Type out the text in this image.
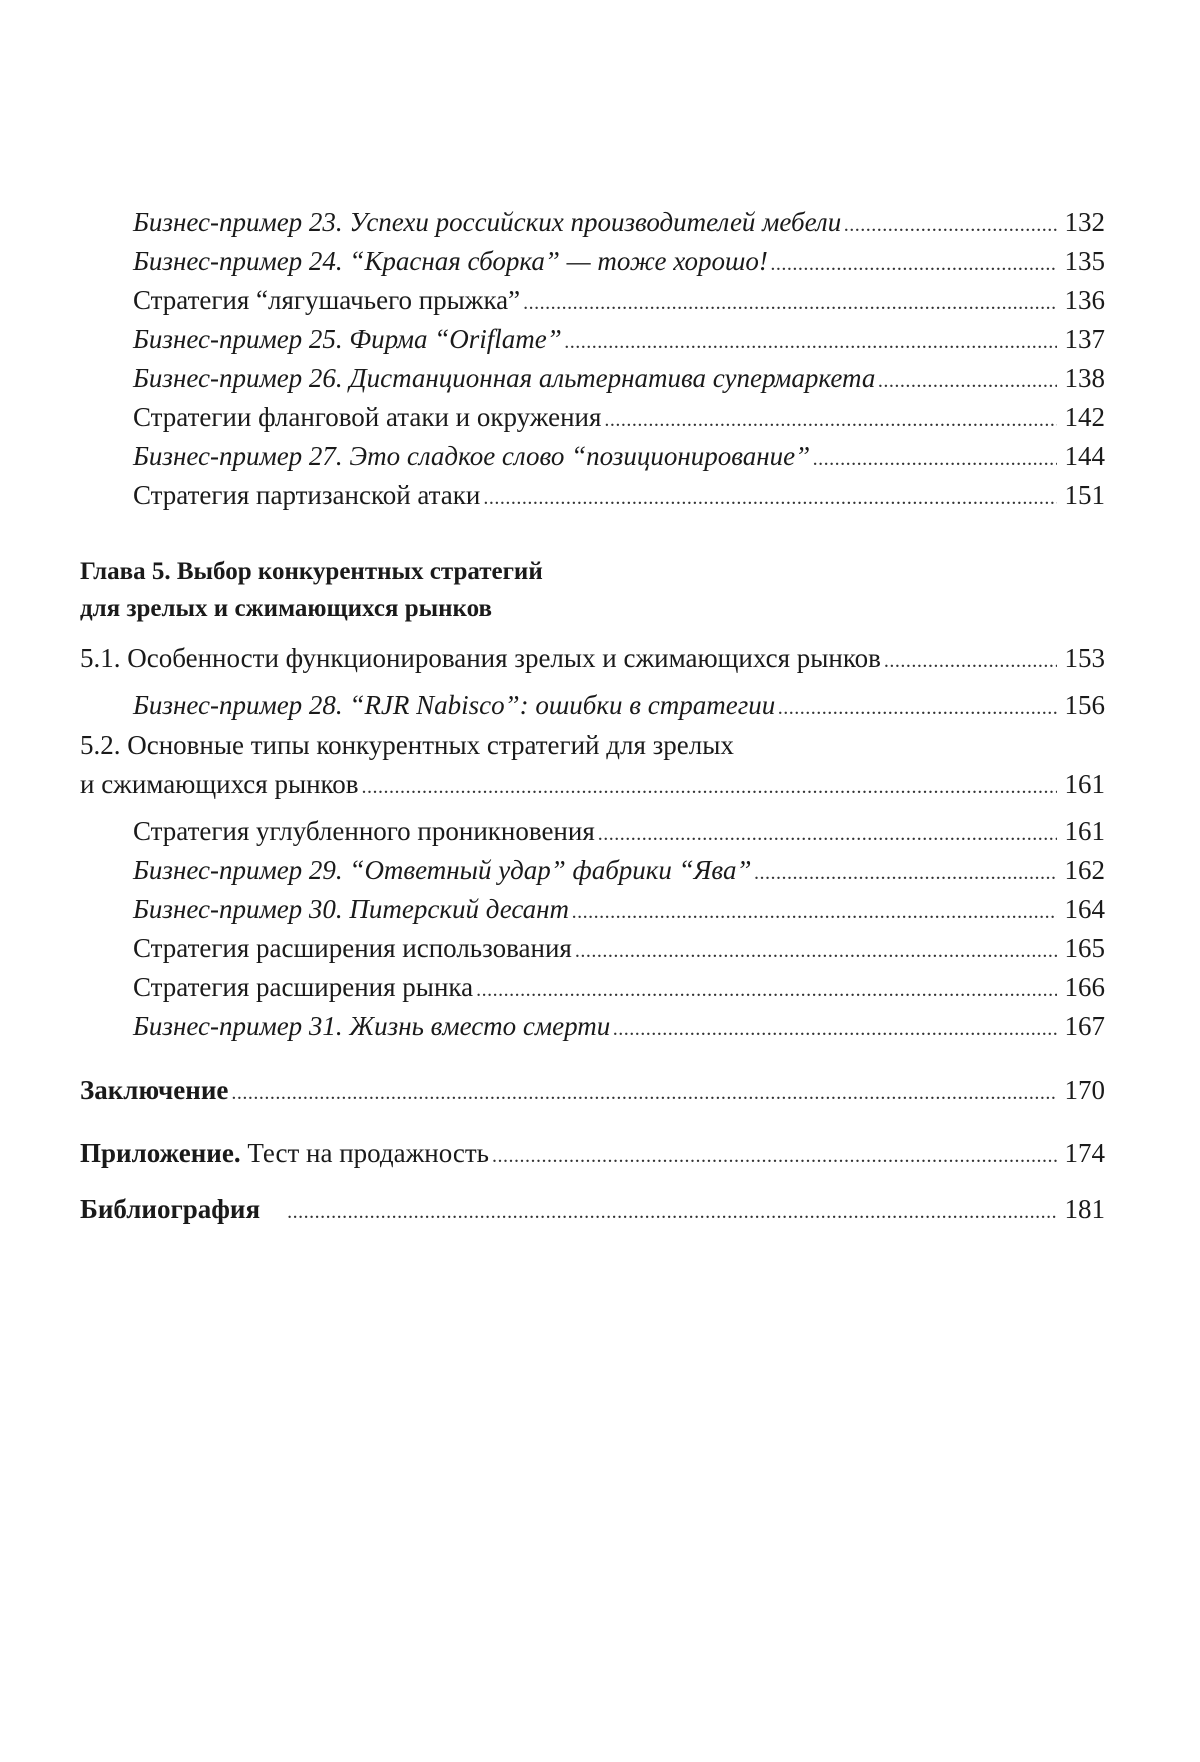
Бизнес-пример 23. Успехи российских производителей мебели .....	132
Бизнес-пример 24. “Красная сборка” — тоже хорошо! .....	135
Стратегия “лягушачьего прыжка” .....	136
Бизнес-пример 25. Фирма “Oriflame” .....	137
Бизнес-пример 26. Дистанционная альтернатива супермаркета .....	138
Стратегии фланговой атаки и окружения .....	142
Бизнес-пример 27. Это сладкое слово “позиционирование” .....	144
Стратегия партизанской атаки .....	151
Глава 5. Выбор конкурентных стратегий
для зрелых и сжимающихся рынков
5.1. Особенности функционирования зрелых и сжимающихся рынков .....	153
Бизнес-пример 28. “RJR Nabisco”: ошибки в стратегии .....	156
5.2. Основные типы конкурентных стратегий для зрелых
и сжимающихся рынков .....	161
Стратегия углубленного проникновения .....	161
Бизнес-пример 29. “Ответный удар” фабрики “Ява” .....	162
Бизнес-пример 30. Питерский десант .....	164
Стратегия расширения использования .....	165
Стратегия расширения рынка .....	166
Бизнес-пример 31. Жизнь вместо смерти .....	167
Заключение .....	170
Приложение. Тест на продажность .....	174
Библиография .....	181
